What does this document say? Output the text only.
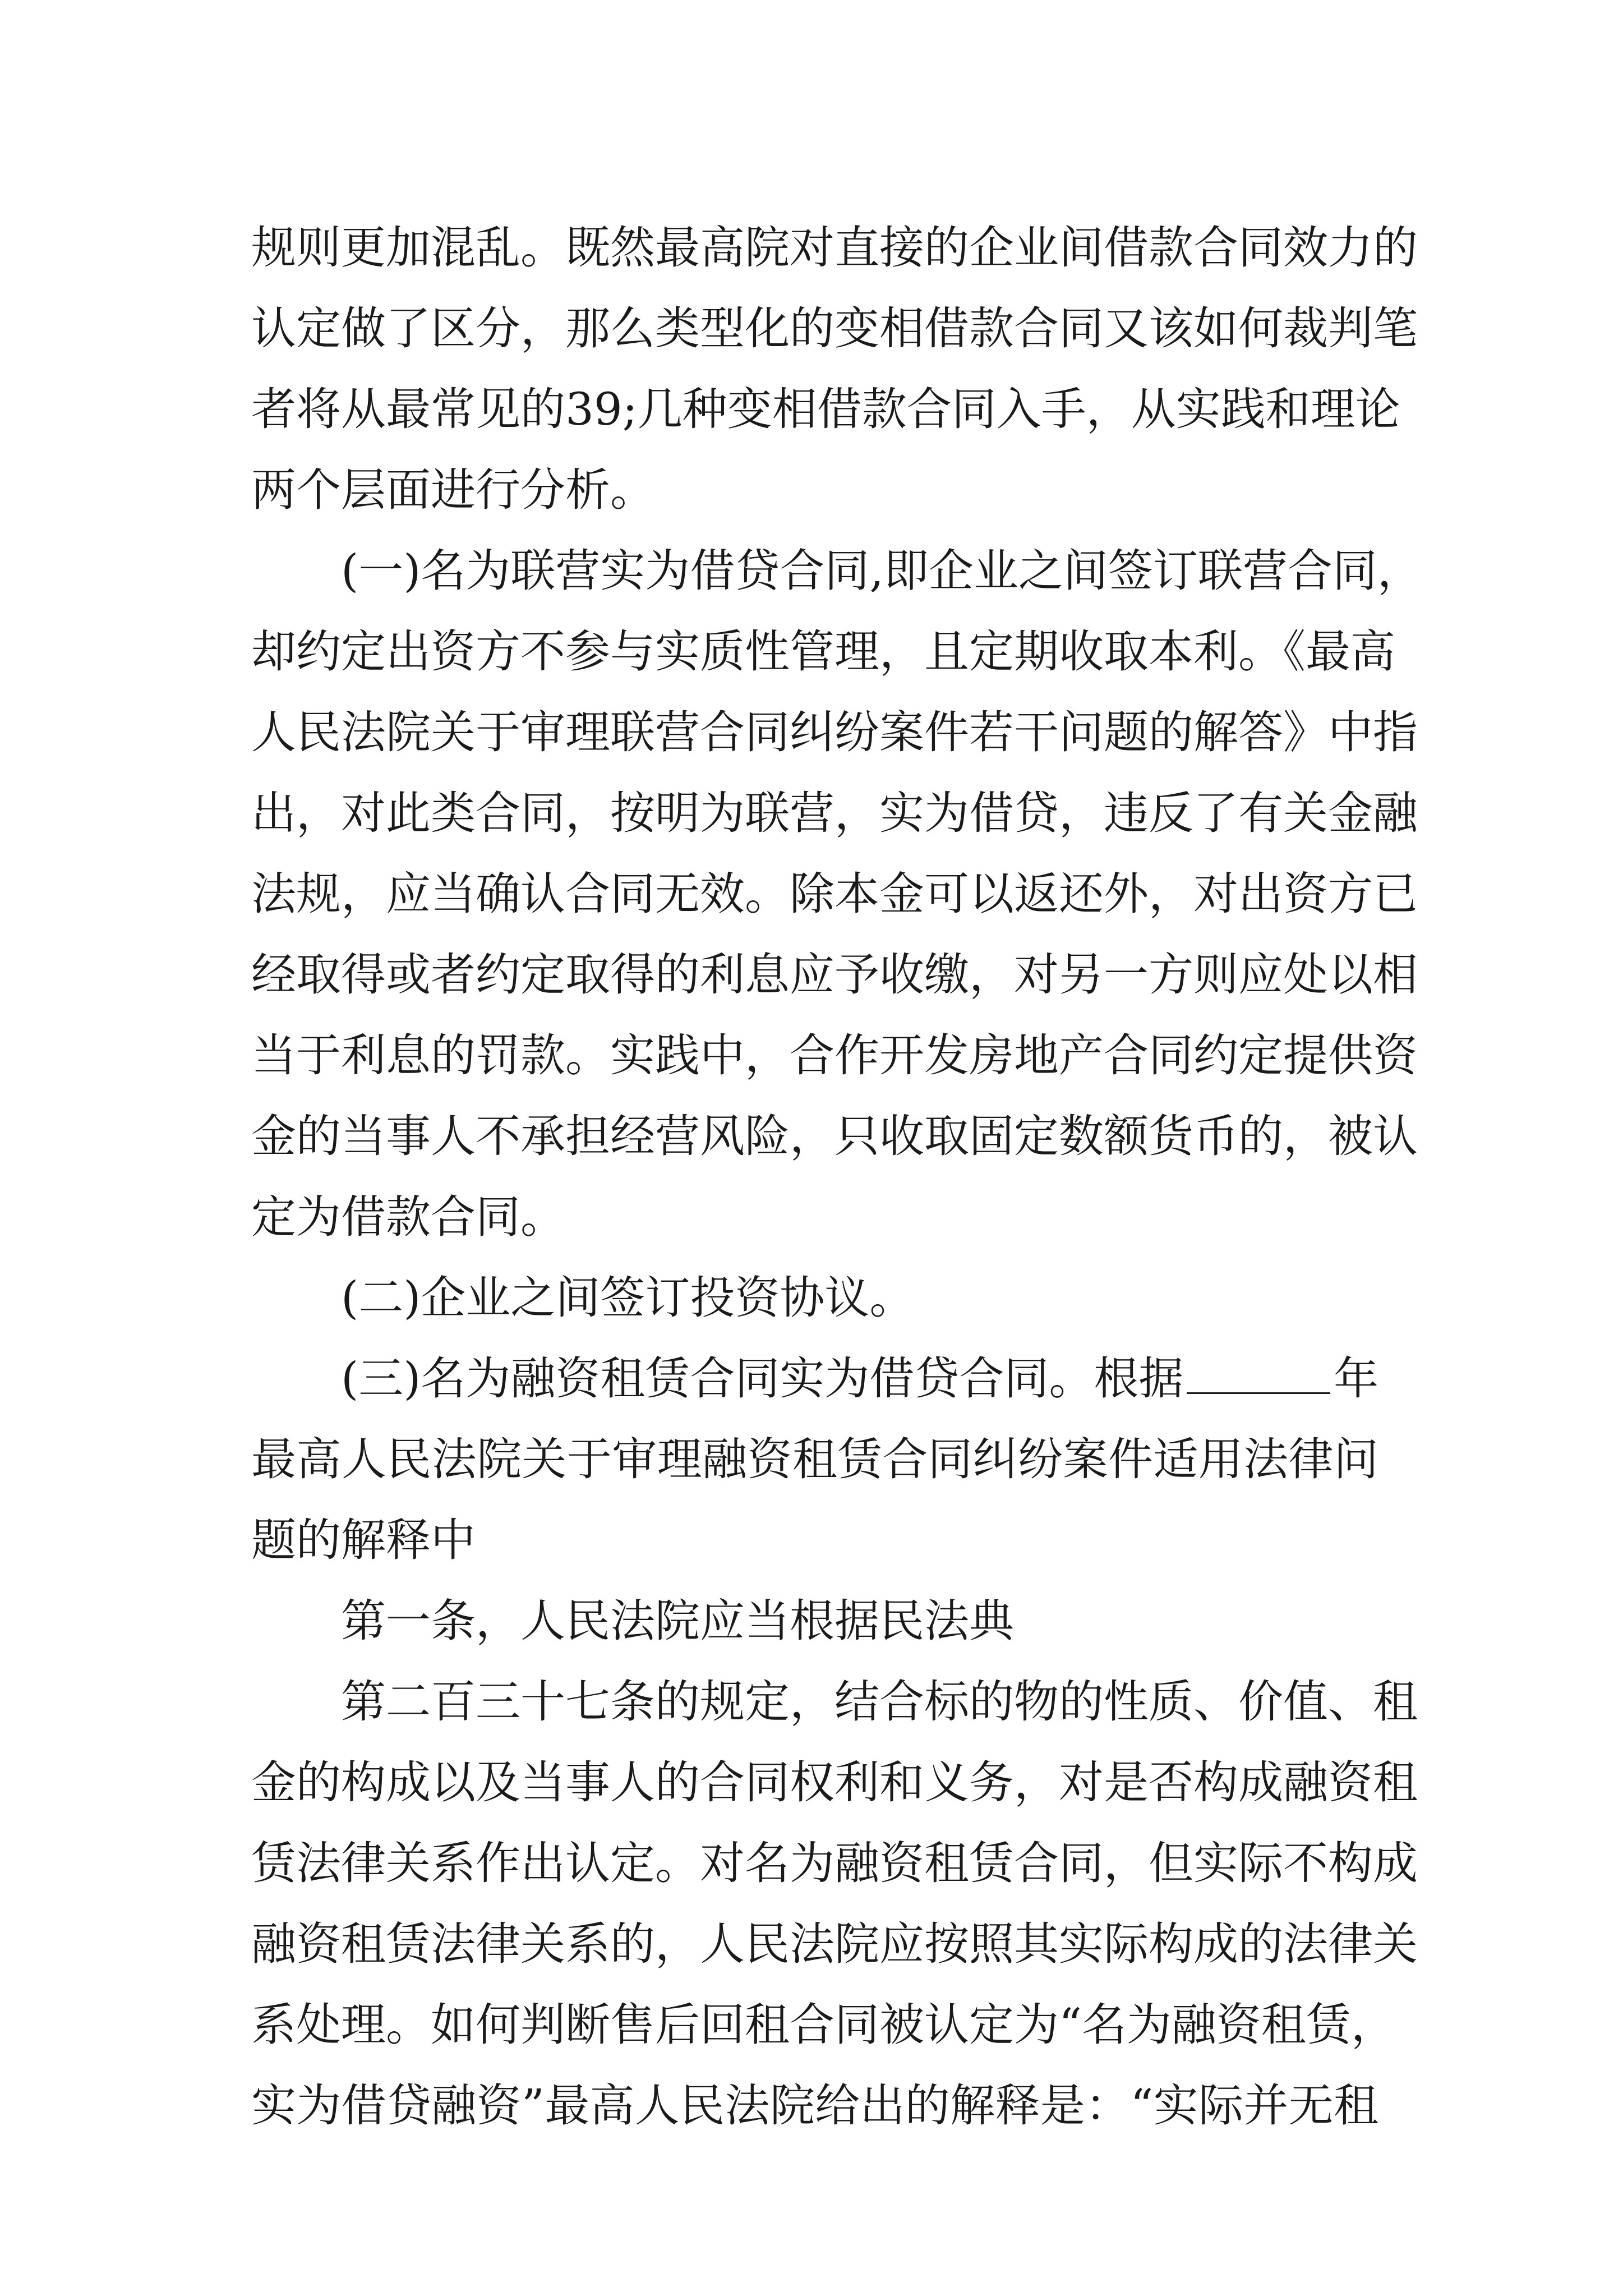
规则更加混乱。既然最高院对直接的企业间借款合同效力的
认定做了区分，那么类型化的变相借款合同又该如何裁判笔
者将从最常见的39;几种变相借款合同入手，从实践和理论
两个层面进行分析。
(一)名为联营实为借贷合同,即企业之间签订联营合同，
却约定出资方不参与实质性管理，且定期收取本利。《最高
人民法院关于审理联营合同纠纷案件若干问题的解答》中指
出，对此类合同，按明为联营，实为借贷，违反了有关金融
法规，应当确认合同无效。除本金可以返还外，对出资方已
经取得或者约定取得的利息应予收缴，对另一方则应处以相
当于利息的罚款。实践中，合作开发房地产合同约定提供资
金的当事人不承担经营风险，只收取固定数额货币的，被认
定为借款合同。
(二)企业之间签订投资协议。
(三)名为融资租赁合同实为借贷合同。根据	年
最高人民法院关于审理融资租赁合同纠纷案件适用法律问
题的解释中
第一条，人民法院应当根据民法典
第二百三十七条的规定，结合标的物的性质、价值、租
金的构成以及当事人的合同权利和义务，对是否构成融资租
赁法律关系作出认定。对名为融资租赁合同，但实际不构成
融资租赁法律关系的，人民法院应按照其实际构成的法律关
系处理。如何判断售后回租合同被认定为“名为融资租赁，
实为借贷融资”最高人民法院给出的解释是：“实际并无租
